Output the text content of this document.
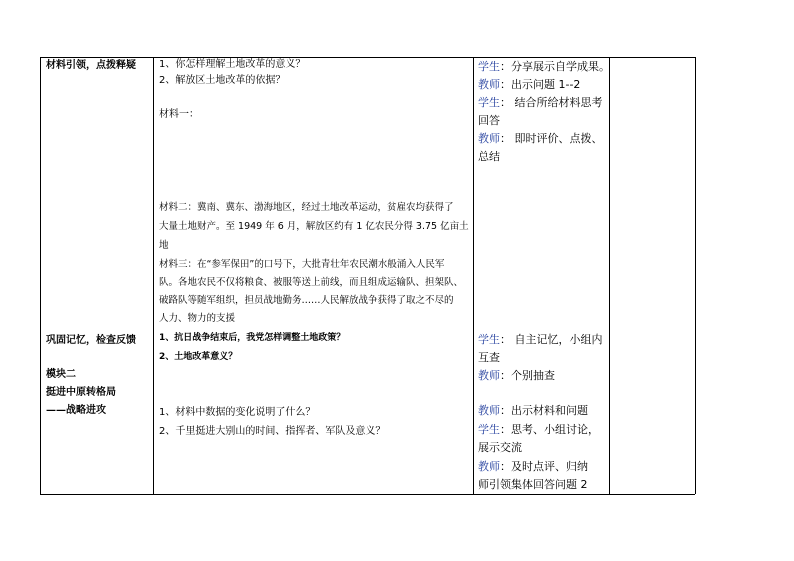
材料引领，点拨释疑
巩固记忆，检查反馈
模块二
挺进中原转格局
——战略进攻
1、你怎样理解土地改革的意义？
2、解放区土地改革的依据？
材料一：
材料二：冀南、冀东、渤海地区，经过土地改革运动，贫雇农均获得了
大量土地财产。至 1949 年 6 月，解放区约有 1 亿农民分得 3.75 亿亩土
地
材料三：在“参军保田”的口号下，大批青壮年农民潮水般涌入人民军
队。各地农民不仅将粮食、被服等送上前线，而且组成运输队、担架队、
破路队等随军组织，担员战地勤务……人民解放战争获得了取之不尽的
人力、物力的支援
1、抗日战争结束后，我党怎样调整土地政策？
2、土地改革意义？
1、材料中数据的变化说明了什么？
2、千里挺进大别山的时间、指挥者、军队及意义？
学生：分享展示自学成果。
教师：出示问题 1--2
学生： 结合所给材料思考
回答
教师： 即时评价、点拨、
总结
学生： 自主记忆，小组内
互查
教师：个别抽查
教师：出示材料和问题
学生：思考、小组讨论，
展示交流
教师：及时点评、归纳
师引领集体回答问题 2
